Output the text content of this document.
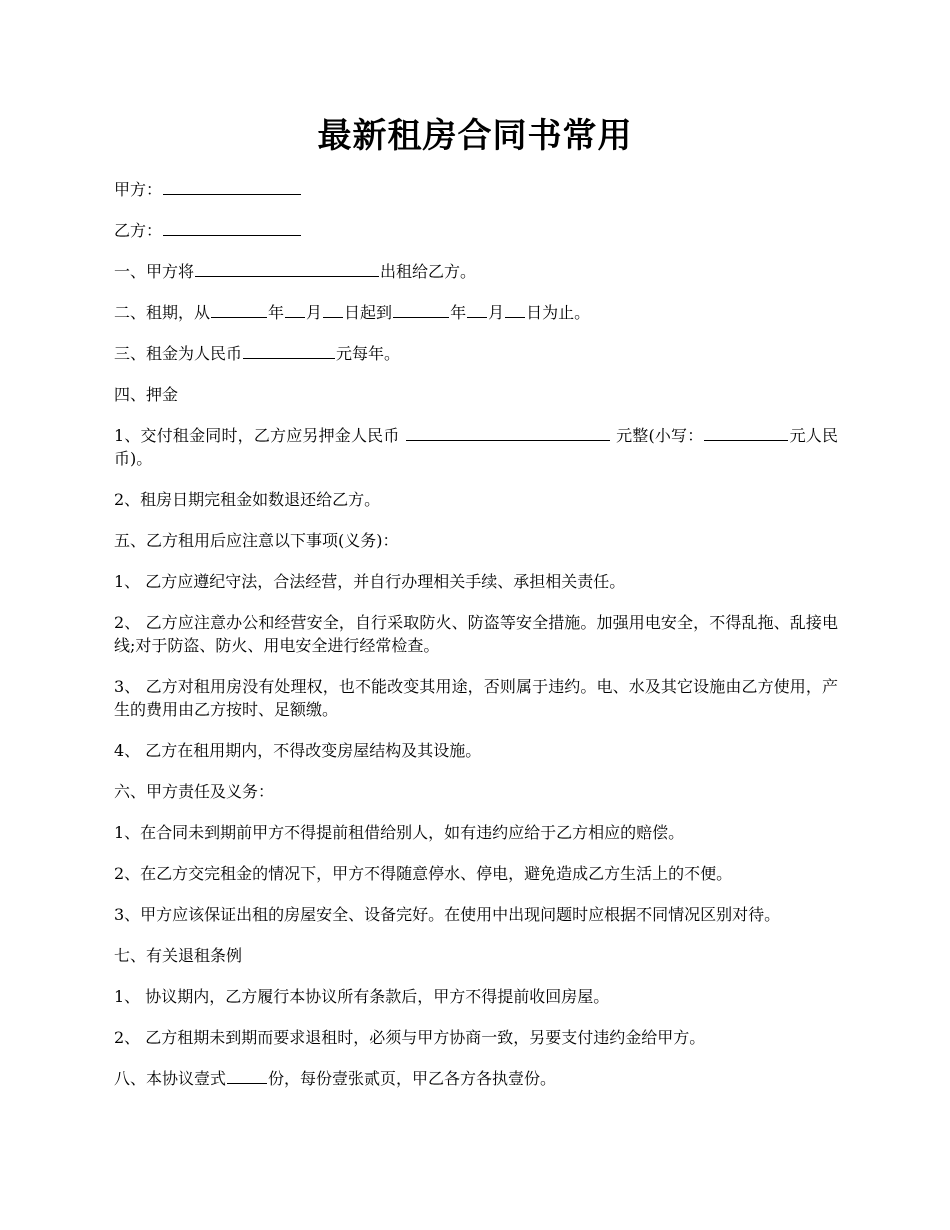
最新租房合同书常用

甲方：

乙方：

一、甲方将	出租给乙方。

二、租期，从	年 月 日起到	年 月 日为止。

三、租金为人民币	元每年。

四、押金

1、交付租金同时，乙方应另押金人民币	元整(小写：	元人民币)。

2、租房日期完租金如数退还给乙方。

五、乙方租用后应注意以下事项(义务)：

1、 乙方应遵纪守法，合法经营，并自行办理相关手续、承担相关责任。

2、 乙方应注意办公和经营安全，自行采取防火、防盗等安全措施。加强用电安全，不得乱拖、乱接电线;对于防盗、防火、用电安全进行经常检查。

3、 乙方对租用房没有处理权，也不能改变其用途，否则属于违约。电、水及其它设施由乙方使用，产生的费用由乙方按时、足额缴。

4、 乙方在租用期内，不得改变房屋结构及其设施。

六、甲方责任及义务：

1、在合同未到期前甲方不得提前租借给别人，如有违约应给于乙方相应的赔偿。

2、在乙方交完租金的情况下，甲方不得随意停水、停电，避免造成乙方生活上的不便。

3、甲方应该保证出租的房屋安全、设备完好。在使用中出现问题时应根据不同情况区别对待。

七、有关退租条例

1、 协议期内，乙方履行本协议所有条款后，甲方不得提前收回房屋。

2、 乙方租期未到期而要求退租时，必须与甲方协商一致，另要支付违约金给甲方。

八、本协议壹式	份，每份壹张贰页，甲乙各方各执壹份。
